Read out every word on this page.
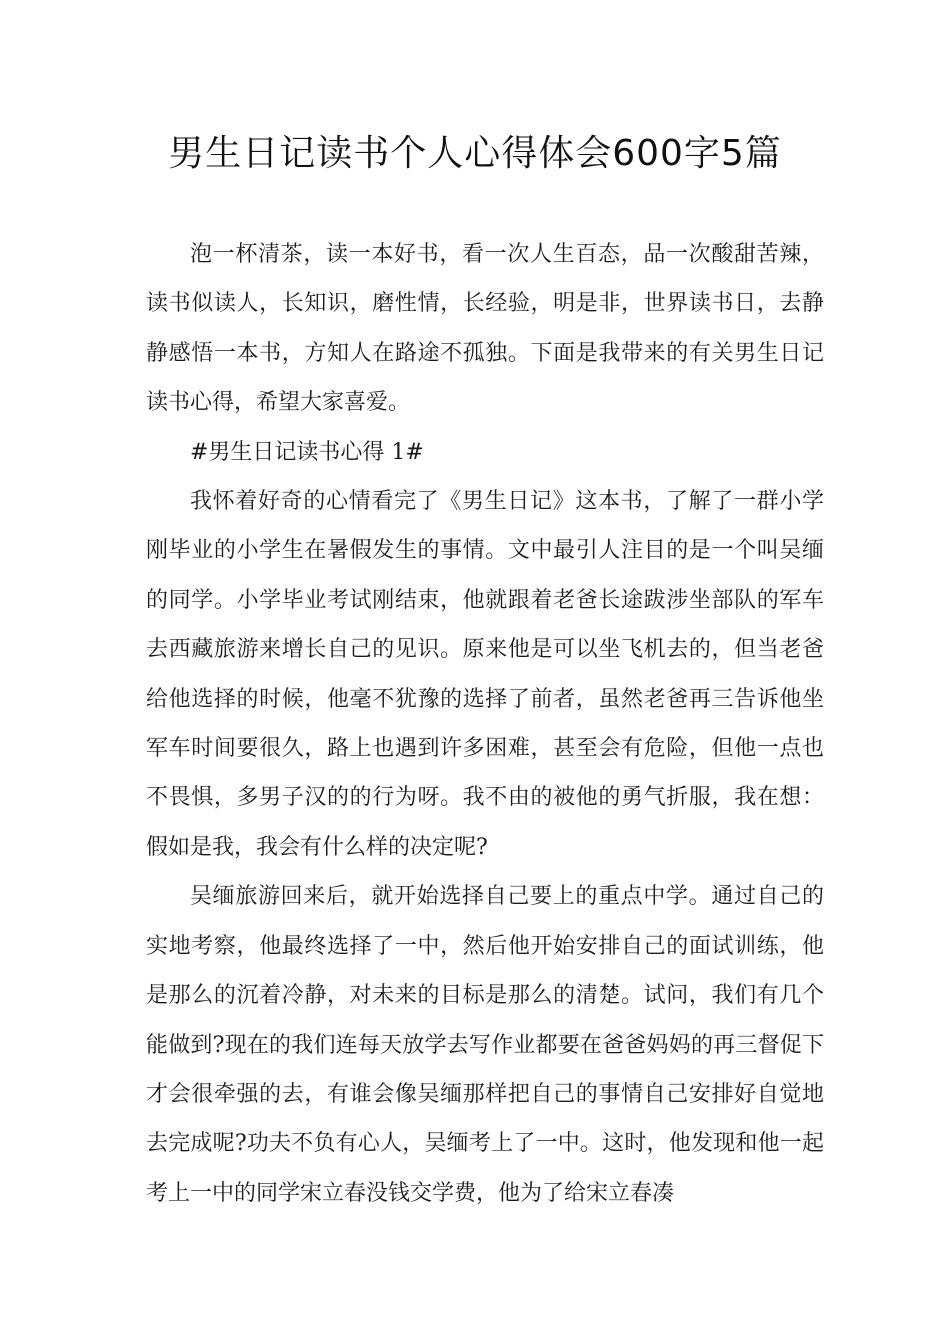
男生日记读书个人心得体会600字5篇

泡一杯清茶，读一本好书，看一次人生百态，品一次酸甜苦辣，读书似读人，长知识，磨性情，长经验，明是非，世界读书日，去静静感悟一本书，方知人在路途不孤独。下面是我带来的有关男生日记读书心得，希望大家喜爱。

#男生日记读书心得 1#

我怀着好奇的心情看完了《男生日记》这本书，了解了一群小学刚毕业的小学生在暑假发生的事情。文中最引人注目的是一个叫吴缅的同学。小学毕业考试刚结束，他就跟着老爸长途跋涉坐部队的军车去西藏旅游来增长自己的见识。原来他是可以坐飞机去的，但当老爸给他选择的时候，他毫不犹豫的选择了前者，虽然老爸再三告诉他坐军车时间要很久，路上也遇到许多困难，甚至会有危险，但他一点也不畏惧，多男子汉的的行为呀。我不由的被他的勇气折服，我在想：假如是我，我会有什么样的决定呢?

吴缅旅游回来后，就开始选择自己要上的重点中学。通过自己的实地考察，他最终选择了一中，然后他开始安排自己的面试训练，他是那么的沉着冷静，对未来的目标是那么的清楚。试问，我们有几个能做到?现在的我们连每天放学去写作业都要在爸爸妈妈的再三督促下才会很牵强的去，有谁会像吴缅那样把自己的事情自己安排好自觉地去完成呢?功夫不负有心人，吴缅考上了一中。这时，他发现和他一起考上一中的同学宋立春没钱交学费，他为了给宋立春凑
